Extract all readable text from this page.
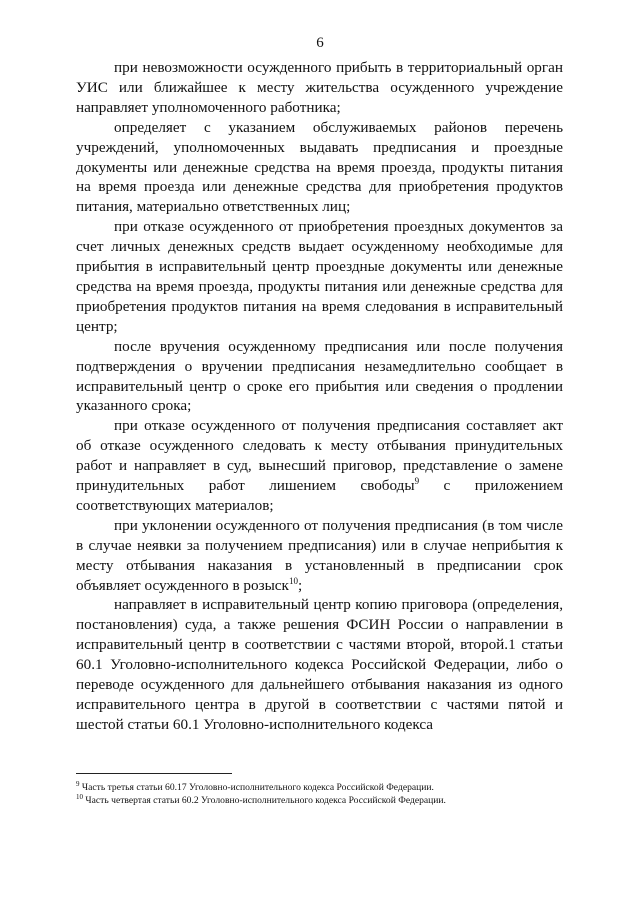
6

при невозможности осужденного прибыть в территориальный орган УИС или ближайшее к месту жительства осужденного учреждение направляет уполномоченного работника;

определяет с указанием обслуживаемых районов перечень учреждений, уполномоченных выдавать предписания и проездные документы или денежные средства на время проезда, продукты питания на время проезда или денежные средства для приобретения продуктов питания, материально ответственных лиц;

при отказе осужденного от приобретения проездных документов за счет личных денежных средств выдает осужденному необходимые для прибытия в исправительный центр проездные документы или денежные средства на время проезда, продукты питания или денежные средства для приобретения продуктов питания на время следования в исправительный центр;

после вручения осужденному предписания или после получения подтверждения о вручении предписания незамедлительно сообщает в исправительный центр о сроке его прибытия или сведения о продлении указанного срока;

при отказе осужденного от получения предписания составляет акт об отказе осужденного следовать к месту отбывания принудительных работ и направляет в суд, вынесший приговор, представление о замене принудительных работ лишением свободы$^9$ с приложением соответствующих материалов;

при уклонении осужденного от получения предписания (в том числе в случае неявки за получением предписания) или в случае неприбытия к месту отбывания наказания в установленный в предписании срок объявляет осужденного в розыск$^{10}$;

направляет в исправительный центр копию приговора (определения, постановления) суда, а также решения ФСИН России о направлении в исправительный центр в соответствии с частями второй, второй.1 статьи 60.1 Уголовно-исполнительного кодекса Российской Федерации, либо о переводе осужденного для дальнейшего отбывания наказания из одного исправительного центра в другой в соответствии с частями пятой и шестой статьи 60.1 Уголовно-исполнительного кодекса

$^9$ Часть третья статьи 60.17 Уголовно-исполнительного кодекса Российской Федерации.

$^{10}$ Часть четвертая статьи 60.2 Уголовно-исполнительного кодекса Российской Федерации.
